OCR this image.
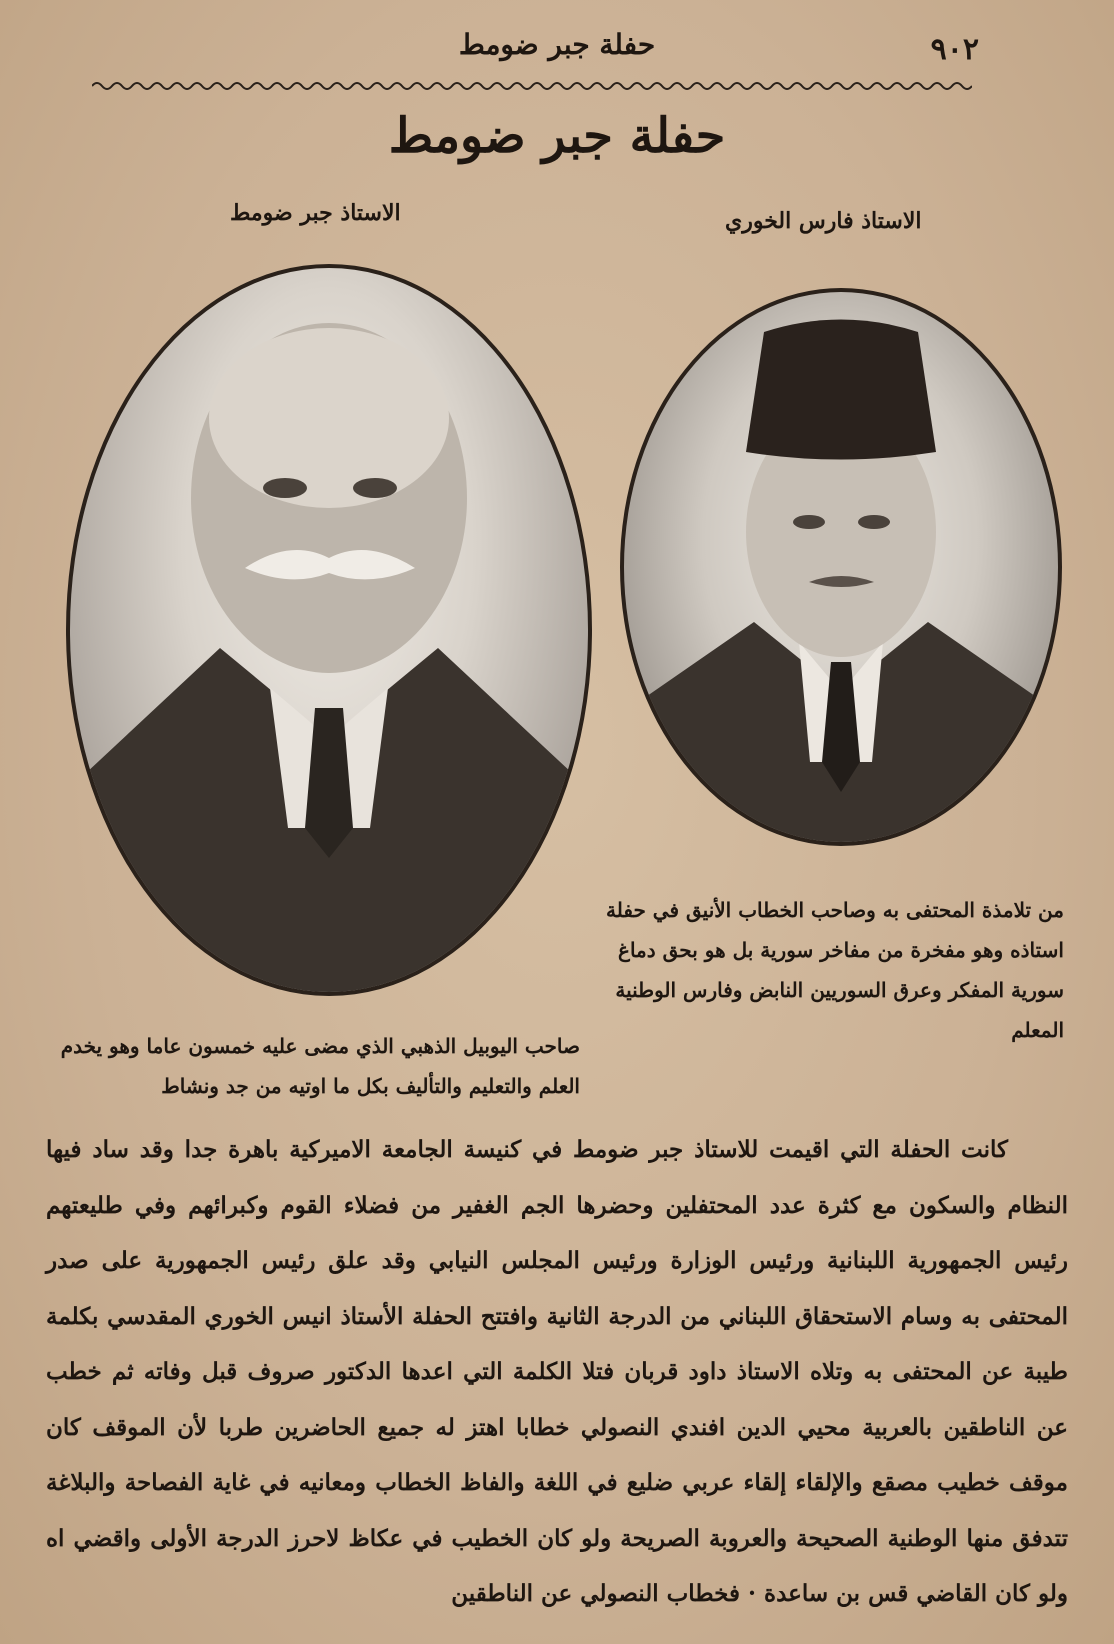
حفلة جبر ضومط	٩٠٢
حفلة جبر ضومط
الاستاذ جبر ضومط	الاستاذ فارس الخوري
من تلامذة المحتفى به وصاحب الخطاب الأنيق في حفلة استاذه وهو مفخرة من مفاخر سورية بل هو بحق دماغ سورية المفكر وعرق السوريين النابض وفارس الوطنية المعلم
صاحب اليوبيل الذهبي الذي مضى عليه خمسون عاما وهو يخدم العلم والتعليم والتأليف بكل ما اوتيه من جد ونشاط

كانت الحفلة التي اقيمت للاستاذ جبر ضومط في كنيسة الجامعة الاميركية باهرة جدا وقد ساد فيها النظام والسكون مع كثرة عدد المحتفلين وحضرها الجم الغفير من فضلاء القوم وكبرائهم وفي طليعتهم رئيس الجمهورية اللبنانية ورئيس الوزارة ورئيس المجلس النيابي وقد علق رئيس الجمهورية على صدر المحتفى به وسام الاستحقاق اللبناني من الدرجة الثانية وافتتح الحفلة الأستاذ انيس الخوري المقدسي بكلمة طيبة عن المحتفى به وتلاه الاستاذ داود قربان فتلا الكلمة التي اعدها الدكتور صروف قبل وفاته ثم خطب عن الناطقين بالعربية محيي الدين افندي النصولي خطابا اهتز له جميع الحاضرين طربا لأن الموقف كان موقف خطيب مصقع والإلقاء إلقاء عربي ضليع في اللغة والفاظ الخطاب ومعانيه في غاية الفصاحة والبلاغة تتدفق منها الوطنية الصحيحة والعروبة الصريحة ولو كان الخطيب في عكاظ لاحرز الدرجة الأولى واقضي اه ولو كان القاضي قس بن ساعدة · فخطاب النصولي عن الناطقين
